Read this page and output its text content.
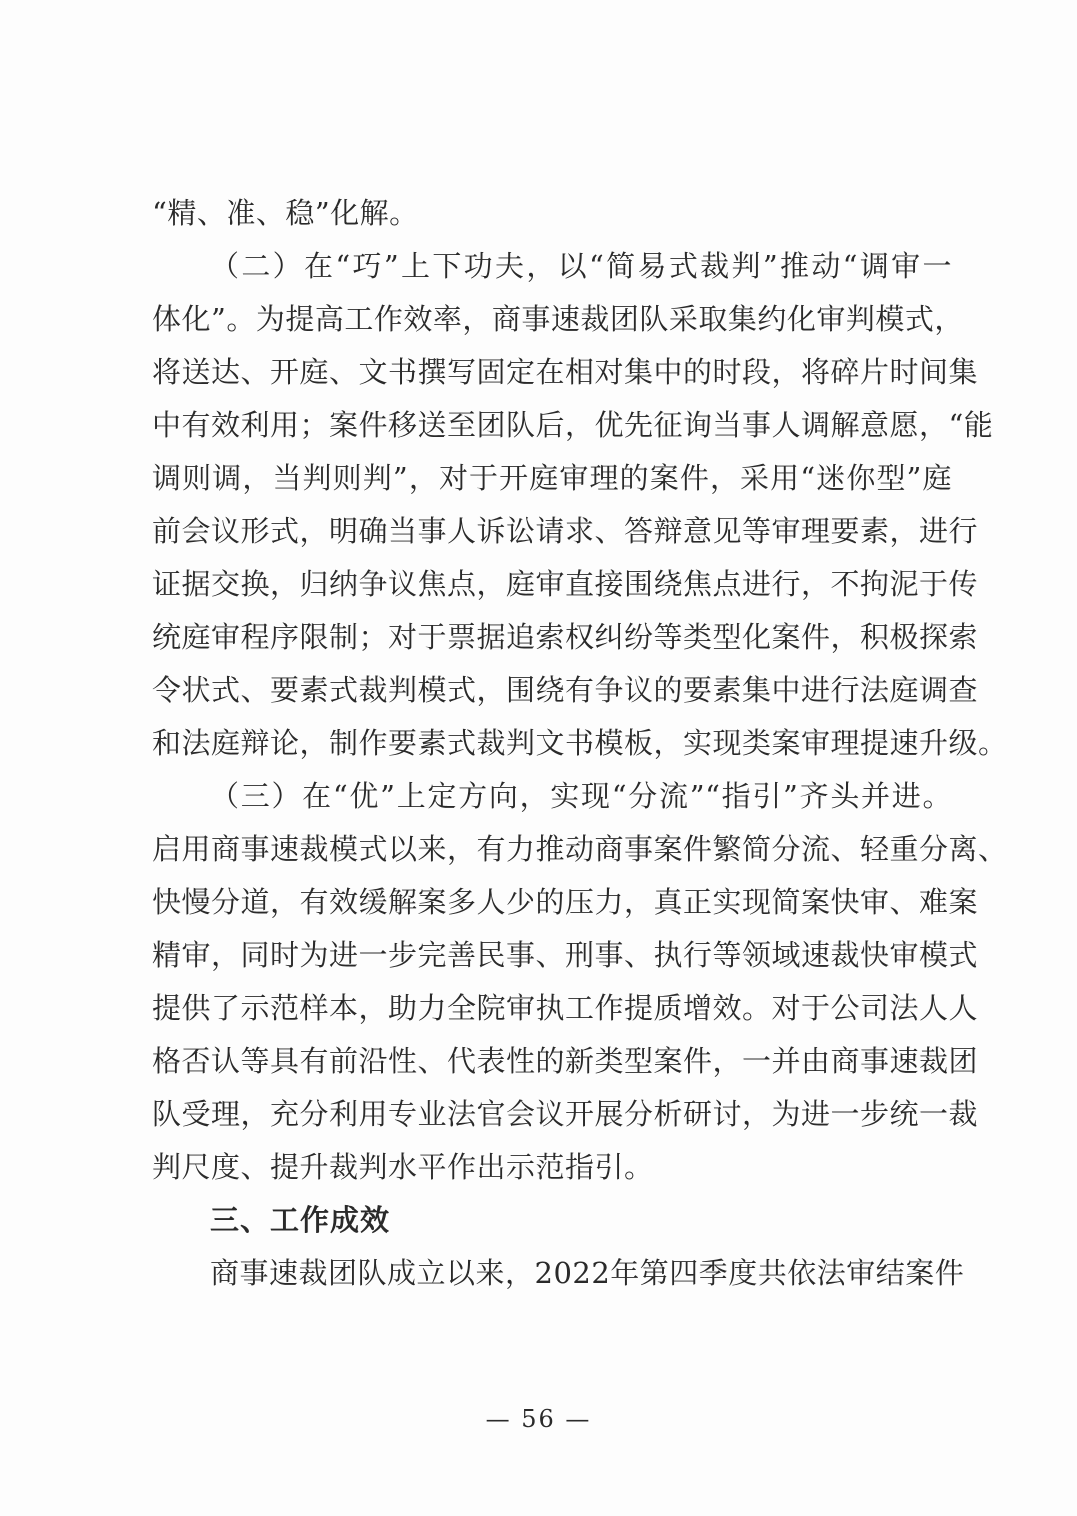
“精、准、稳”化解。
（二）在“巧”上下功夫，以“简易式裁判”推动“调审一
体化”。为提高工作效率，商事速裁团队采取集约化审判模式，
将送达、开庭、文书撰写固定在相对集中的时段，将碎片时间集
中有效利用；案件移送至团队后，优先征询当事人调解意愿，“能
调则调，当判则判”，对于开庭审理的案件，采用“迷你型”庭
前会议形式，明确当事人诉讼请求、答辩意见等审理要素，进行
证据交换，归纳争议焦点，庭审直接围绕焦点进行，不拘泥于传
统庭审程序限制；对于票据追索权纠纷等类型化案件，积极探索
令状式、要素式裁判模式，围绕有争议的要素集中进行法庭调查
和法庭辩论，制作要素式裁判文书模板，实现类案审理提速升级。
（三）在“优”上定方向，实现“分流”“指引”齐头并进。
启用商事速裁模式以来，有力推动商事案件繁简分流、轻重分离、
快慢分道，有效缓解案多人少的压力，真正实现简案快审、难案
精审，同时为进一步完善民事、刑事、执行等领域速裁快审模式
提供了示范样本，助力全院审执工作提质增效。对于公司法人人
格否认等具有前沿性、代表性的新类型案件，一并由商事速裁团
队受理，充分利用专业法官会议开展分析研讨，为进一步统一裁
判尺度、提升裁判水平作出示范指引。
三、工作成效
商事速裁团队成立以来，2022年第四季度共依法审结案件
— 56 —
